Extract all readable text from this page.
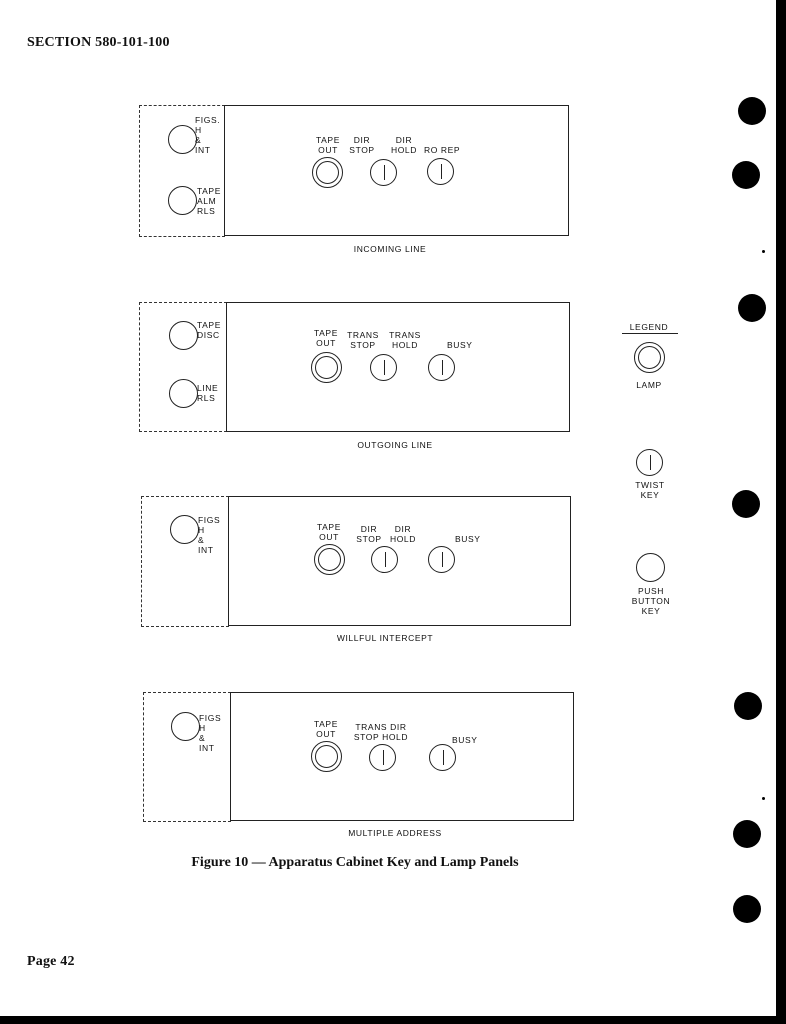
SECTION 580-101-100
FIGS.
H
&
INT
TAPE
ALM
RLS
TAPE
OUT
DIR
STOP
DIR
HOLD RO REP
INCOMING LINE
TAPE
DISC
LINE
RLS
TAPE
OUT
TRANS
STOP
TRANS
HOLD	BUSY
OUTGOING LINE
FIGS
H
&
INT
TAPE
OUT
DIR
STOP
DIR
HOLD	BUSY
WILLFUL INTERCEPT
FIGS
H
&
INT
TAPE
OUT
TRANS DIR
STOP HOLD	BUSY
MULTIPLE ADDRESS
LEGEND
LAMP
TWIST
KEY
PUSH
BUTTON
KEY
Figure 10 — Apparatus Cabinet Key and Lamp Panels
Page 42
